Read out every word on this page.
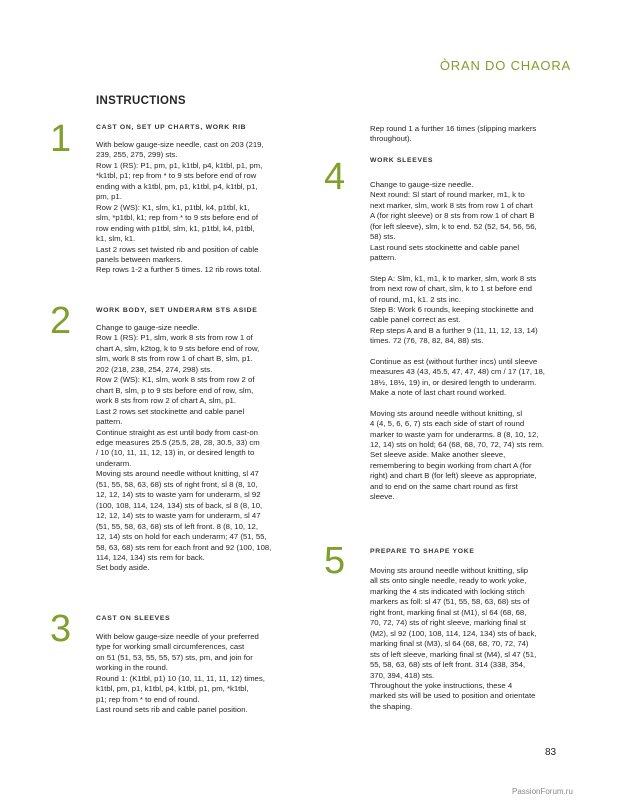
ÒRAN DO CHAORA
INSTRUCTIONS
1	CAST ON, SET UP CHARTS, WORK RIB

With below gauge-size needle, cast on 203 (219,

239, 255, 275, 299) sts.

Row 1 (RS): P1, pm, p1, k1tbl, p4, k1tbl, p1, pm,

*k1tbl, p1; rep from * to 9 sts before end of row

ending with a k1tbl, pm, p1, k1tbl, p4, k1tbl, p1,

pm, p1.

Row 2 (WS): K1, slm, k1, p1tbl, k4, p1tbl, k1,

slm, *p1tbl, k1; rep from * to 9 sts before end of

row ending with p1tbl, slm, k1, p1tbl, k4, p1tbl,

k1, slm, k1.

Last 2 rows set twisted rib and position of cable

panels between markers.

Rep rows 1-2 a further 5 times. 12 rib rows total.

2	WORK BODY, SET UNDERARM STS ASIDE

Change to gauge-size needle.

Row 1 (RS): P1, slm, work 8 sts from row 1 of

chart A, slm, k2tog, k to 9 sts before end of row,

slm, work 8 sts from row 1 of chart B, slm, p1.

202 (218, 238, 254, 274, 298) sts.

Row 2 (WS): K1, slm, work 8 sts from row 2 of

chart B, slm, p to 9 sts before end of row, slm,

work 8 sts from row 2 of chart A, slm, p1.

Last 2 rows set stockinette and cable panel

pattern.

Continue straight as est until body from cast-on

edge measures 25.5 (25.5, 28, 28, 30.5, 33) cm

/ 10 (10, 11, 11, 12, 13) in, or desired length to

underarm.

Moving sts around needle without knitting, sl 47

(51, 55, 58, 63, 68) sts of right front, sl 8 (8, 10,

12, 12, 14) sts to waste yarn for underarm, sl 92

(100, 108, 114, 124, 134) sts of back, sl 8 (8, 10,

12, 12, 14) sts to waste yarn for underarm, sl 47

(51, 55, 58, 63, 68) sts of left front. 8 (8, 10, 12,

12, 14) sts on hold for each underarm; 47 (51, 55,

58, 63, 68) sts rem for each front and 92 (100, 108,

114, 124, 134) sts rem for back.

Set body aside.

3	CAST ON SLEEVES

With below gauge-size needle of your preferred

type for working small circumferences, cast

on 51 (51, 53, 55, 55, 57) sts, pm, and join for

working in the round.

Round 1: (K1tbl, p1) 10 (10, 11, 11, 11, 12) times,

k1tbl, pm, p1, k1tbl, p4, k1tbl, p1, pm, *k1tbl,

p1; rep from * to end of round.

Last round sets rib and cable panel position.

Rep round 1 a further 16 times (slipping markers

throughout).

4	WORK SLEEVES

Change to gauge-size needle.

Next round: Sl start of round marker, m1, k to

next marker, slm, work 8 sts from row 1 of chart

A (for right sleeve) or 8 sts from row 1 of chart B

(for left sleeve), slm, k to end. 52 (52, 54, 56, 56,

58) sts.

Last round sets stockinette and cable panel

pattern.

Step A: Slm, k1, m1, k to marker, slm, work 8 sts

from next row of chart, slm, k to 1 st before end

of round, m1, k1. 2 sts inc.

Step B: Work 6 rounds, keeping stockinette and

cable panel correct as est.

Rep steps A and B a further 9 (11, 11, 12, 13, 14)

times. 72 (76, 78, 82, 84, 88) sts.

Continue as est (without further incs) until sleeve

measures 43 (43, 45.5, 47, 47, 48) cm / 17 (17, 18,

18½, 18½, 19) in, or desired length to underarm.

Make a note of last chart round worked.

Moving sts around needle without knitting, sl

4 (4, 5, 6, 6, 7) sts each side of start of round

marker to waste yarn for underarms. 8 (8, 10, 12,

12, 14) sts on hold; 64 (68, 68, 70, 72, 74) sts rem.

Set sleeve aside. Make another sleeve,

remembering to begin working from chart A (for

right) and chart B (for left) sleeve as appropriate,

and to end on the same chart round as first

sleeve.

5	PREPARE TO SHAPE YOKE

Moving sts around needle without knitting, slip

all sts onto single needle, ready to work yoke,

marking the 4 sts indicated with locking stitch

markers as foll: sl 47 (51, 55, 58, 63, 68) sts of

right front, marking final st (M1), sl 64 (68, 68,

70, 72, 74) sts of right sleeve, marking final st

(M2), sl 92 (100, 108, 114, 124, 134) sts of back,

marking final st (M3), sl 64 (68, 68, 70, 72, 74)

sts of left sleeve, marking final st (M4), sl 47 (51,

55, 58, 63, 68) sts of left front. 314 (338, 354,

370, 394, 418) sts.

Throughout the yoke instructions, these 4

marked sts will be used to position and orientate

the shaping.

83
PassionForum.ru
